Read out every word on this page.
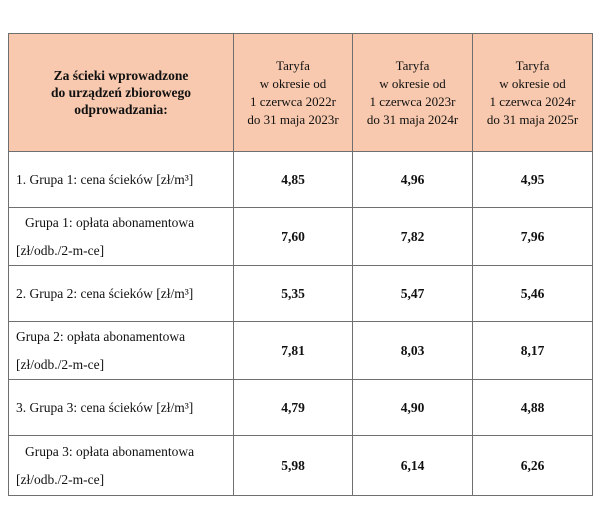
Za ścieki wprowadzone
do urządzeń zbiorowego
odprowadzania:	Taryfa
w okresie od
1 czerwca 2022r
do 31 maja 2023r	Taryfa
w okresie od
1 czerwca 2023r
do 31 maja 2024r	Taryfa
w okresie od
1 czerwca 2024r
do 31 maja 2025r

1. Grupa 1: cena ścieków [zł/m³]	4,85	4,96	4,95

Grupa 1: opłata abonamentowa
[zł/odb./2-m-ce]	7,60	7,82	7,96

2. Grupa 2: cena ścieków [zł/m³]	5,35	5,47	5,46

Grupa 2: opłata abonamentowa
[zł/odb./2-m-ce]	7,81	8,03	8,17

3. Grupa 3: cena ścieków [zł/m³]	4,79	4,90	4,88

Grupa 3: opłata abonamentowa
[zł/odb./2-m-ce]	5,98	6,14	6,26
